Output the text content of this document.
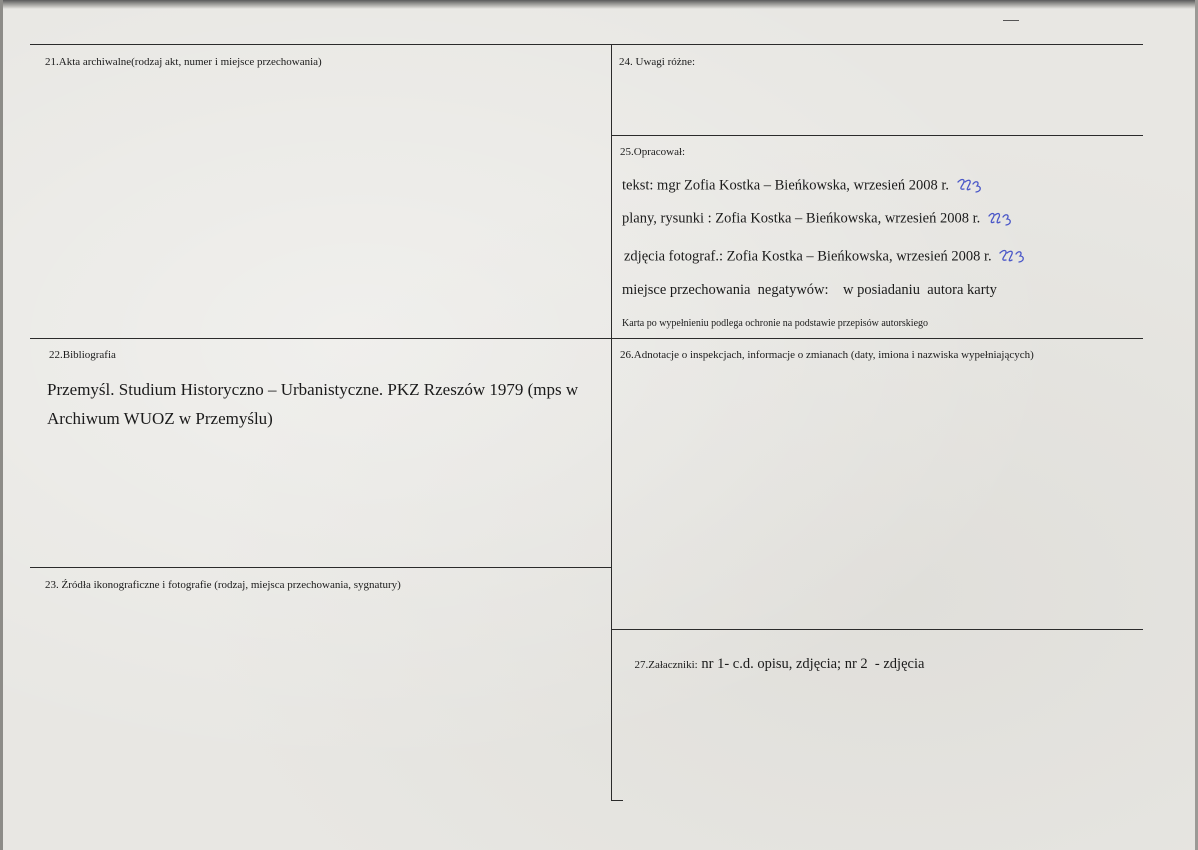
21.Akta archiwalne(rodzaj akt, numer i miejsce przechowania)
22.Bibliografia
Przemyśl. Studium Historyczno – Urbanistyczne. PKZ Rzeszów 1979 (mps w
Archiwum WUOZ w Przemyślu)
23. Źródła ikonograficzne i fotografie (rodzaj, miejsca przechowania, sygnatury)
24. Uwagi różne:
25.Opracował:
tekst: mgr Zofia Kostka – Bieńkowska, wrzesień 2008 r.
plany, rysunki : Zofia Kostka – Bieńkowska, wrzesień 2008 r.
zdjęcia fotograf.: Zofia Kostka – Bieńkowska, wrzesień 2008 r.
miejsce przechowania  negatywów:    w posiadaniu  autora karty
Karta po wypełnieniu podlega ochronie na podstawie przepisów autorskiego
26.Adnotacje o inspekcjach, informacje o zmianach (daty, imiona i nazwiska wypełniających)

27.Załaczniki: nr 1- c.d. opisu, zdjęcia; nr 2  - zdjęcia
